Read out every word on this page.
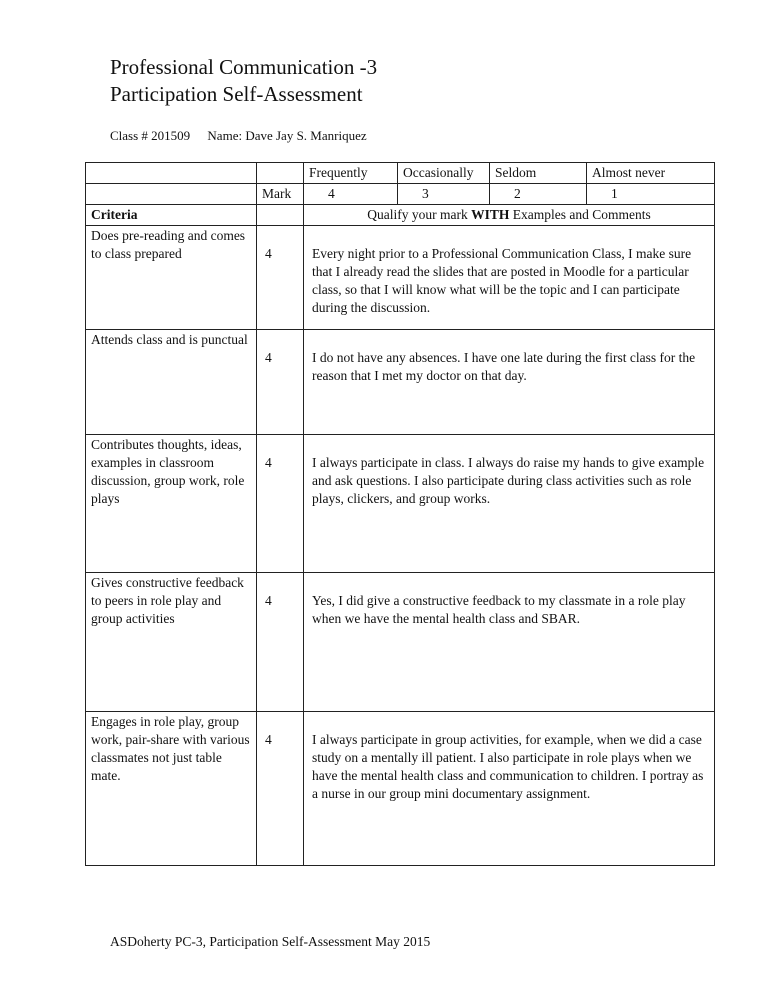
Professional Communication -3
Participation Self-Assessment
Class # 201509 Name: Dave Jay S. Manriquez
		Frequently	Occasionally	Seldom	Almost never
	Mark	4	3	2	1
Criteria		Qualify your mark WITH Examples and Comments			
Does pre-reading and comes to class prepared	4	Every night prior to a Professional Communication Class, I make sure that I already read the slides that are posted in Moodle for a particular class, so that I will know what will be the topic and I can participate during the discussion.			
Attends class and is punctual	4	I do not have any absences. I have one late during the first class for the reason that I met my doctor on that day.			
Contributes thoughts, ideas, examples in classroom discussion, group work, role plays	4	I always participate in class. I always do raise my hands to give example and ask questions. I also participate during class activities such as role plays, clickers, and group works.			
Gives constructive feedback to peers in role play and group activities	4	Yes, I did give a constructive feedback to my classmate in a role play when we have the mental health class and SBAR.			
Engages in role play, group work, pair-share with various classmates not just table mate.	4	I always participate in group activities, for example, when we did a case study on a mentally ill patient. I also participate in role plays when we have the mental health class and communication to children. I portray as a nurse in our group mini documentary assignment.			
ASDoherty PC-3, Participation Self-Assessment May 2015
